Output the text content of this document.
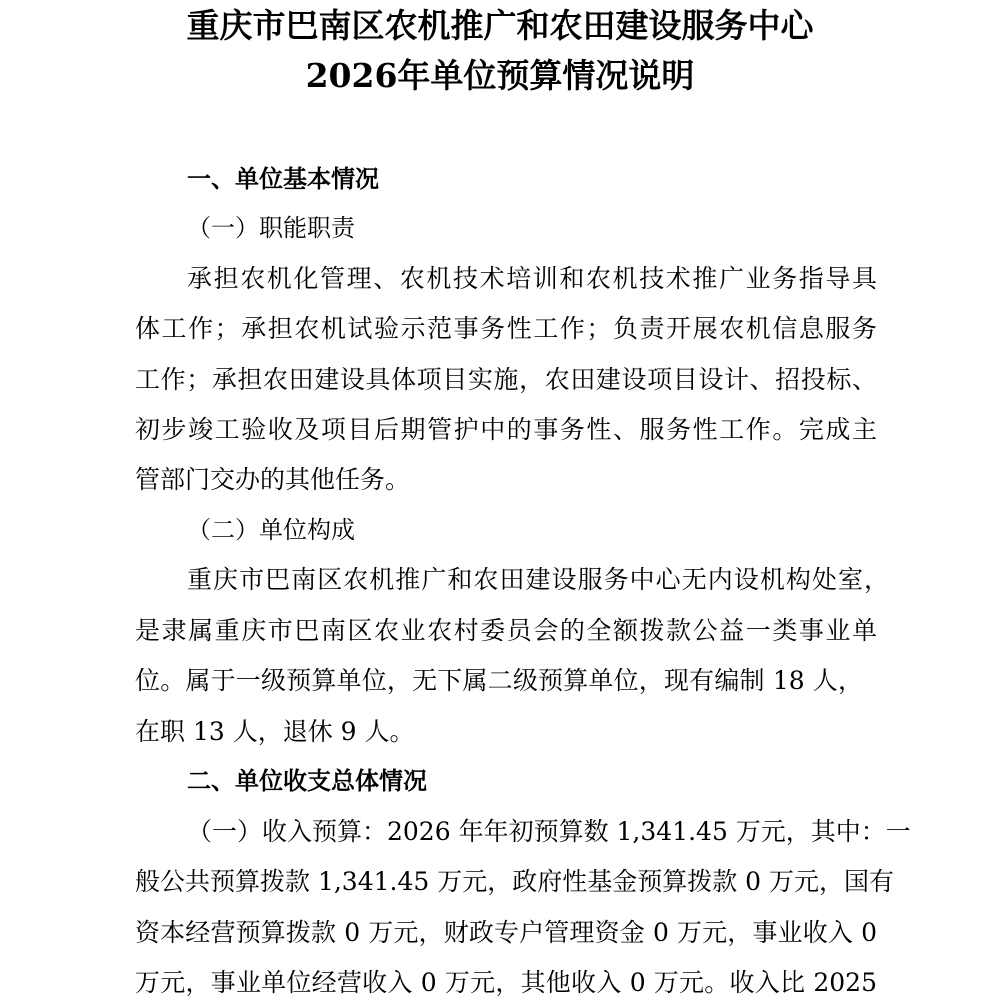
重庆市巴南区农机推广和农田建设服务中心
2026年单位预算情况说明
一、单位基本情况
（一）职能职责
承担农机化管理、农机技术培训和农机技术推广业务指导具
体工作；承担农机试验示范事务性工作；负责开展农机信息服务
工作；承担农田建设具体项目实施，农田建设项目设计、招投标、
初步竣工验收及项目后期管护中的事务性、服务性工作。完成主
管部门交办的其他任务。
（二）单位构成
重庆市巴南区农机推广和农田建设服务中心无内设机构处室，
是隶属重庆市巴南区农业农村委员会的全额拨款公益一类事业单
位。属于一级预算单位，无下属二级预算单位，现有编制 18 人，
在职 13 人，退休 9 人。
二、单位收支总体情况
（一）收入预算：2026 年年初预算数 1,341.45 万元，其中：一
般公共预算拨款 1,341.45 万元，政府性基金预算拨款 0 万元，国有
资本经营预算拨款 0 万元，财政专户管理资金 0 万元，事业收入 0
万元，事业单位经营收入 0 万元，其他收入 0 万元。收入比 2025
